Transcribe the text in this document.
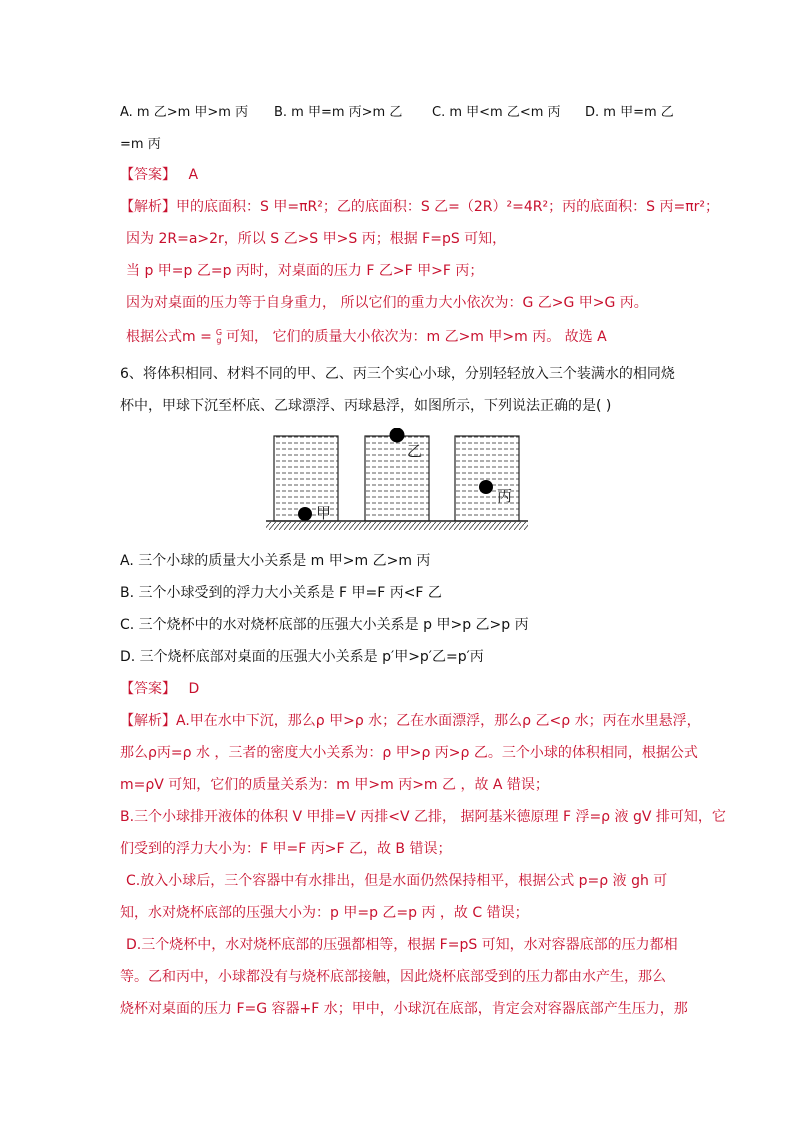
A. m 乙>m 甲>m 丙 B. m 甲=m 丙>m 乙 C. m 甲<m 乙<m 丙 D. m 甲=m 乙
=m 丙
【答案】 A
【解析】甲的底面积：S 甲=πR²；乙的底面积：S 乙=（2R）²=4R²；丙的底面积：S 丙=πr²；
因为 2R=a>2r，所以 S 乙>S 甲>S 丙；根据 F=pS 可知，
当 p 甲=p 乙=p 丙时，对桌面的压力 F 乙>F 甲>F 丙；
因为对桌面的压力等于自身重力， 所以它们的重力大小依次为：G 乙>G 甲>G 丙。
根据公式m = G
g 可知， 它们的质量大小依次为：m 乙>m 甲>m 丙。 故选 A
6、将体积相同、材料不同的甲、乙、丙三个实心小球，分别轻轻放入三个装满水的相同烧
杯中，甲球下沉至杯底、乙球漂浮、丙球悬浮，如图所示，下列说法正确的是( )
甲
乙
丙
A. 三个小球的质量大小关系是 m 甲>m 乙>m 丙
B. 三个小球受到的浮力大小关系是 F 甲=F 丙<F 乙
C. 三个烧杯中的水对烧杯底部的压强大小关系是 p 甲>p 乙>p 丙
D. 三个烧杯底部对桌面的压强大小关系是 p′甲>p′乙=p′丙
【答案】 D
【解析】A.甲在水中下沉，那么ρ 甲>ρ 水；乙在水面漂浮，那么ρ 乙<ρ 水；丙在水里悬浮，
那么ρ丙=ρ 水 ，三者的密度大小关系为：ρ 甲>ρ 丙>ρ 乙。三个小球的体积相同，根据公式
m=ρV 可知，它们的质量关系为：m 甲>m 丙>m 乙 ，故 A 错误；
B.三个小球排开液体的体积 V 甲排=V 丙排<V 乙排， 据阿基米德原理 F 浮=ρ 液 gV 排可知，它
们受到的浮力大小为：F 甲=F 丙>F 乙，故 B 错误；
C.放入小球后，三个容器中有水排出，但是水面仍然保持相平，根据公式 p=ρ 液 gh 可
知，水对烧杯底部的压强大小为：p 甲=p 乙=p 丙 ，故 C 错误；
D.三个烧杯中，水对烧杯底部的压强都相等，根据 F=pS 可知，水对容器底部的压力都相
等。乙和丙中，小球都没有与烧杯底部接触，因此烧杯底部受到的压力都由水产生，那么
烧杯对桌面的压力 F=G 容器+F 水；甲中，小球沉在底部，肯定会对容器底部产生压力，那
